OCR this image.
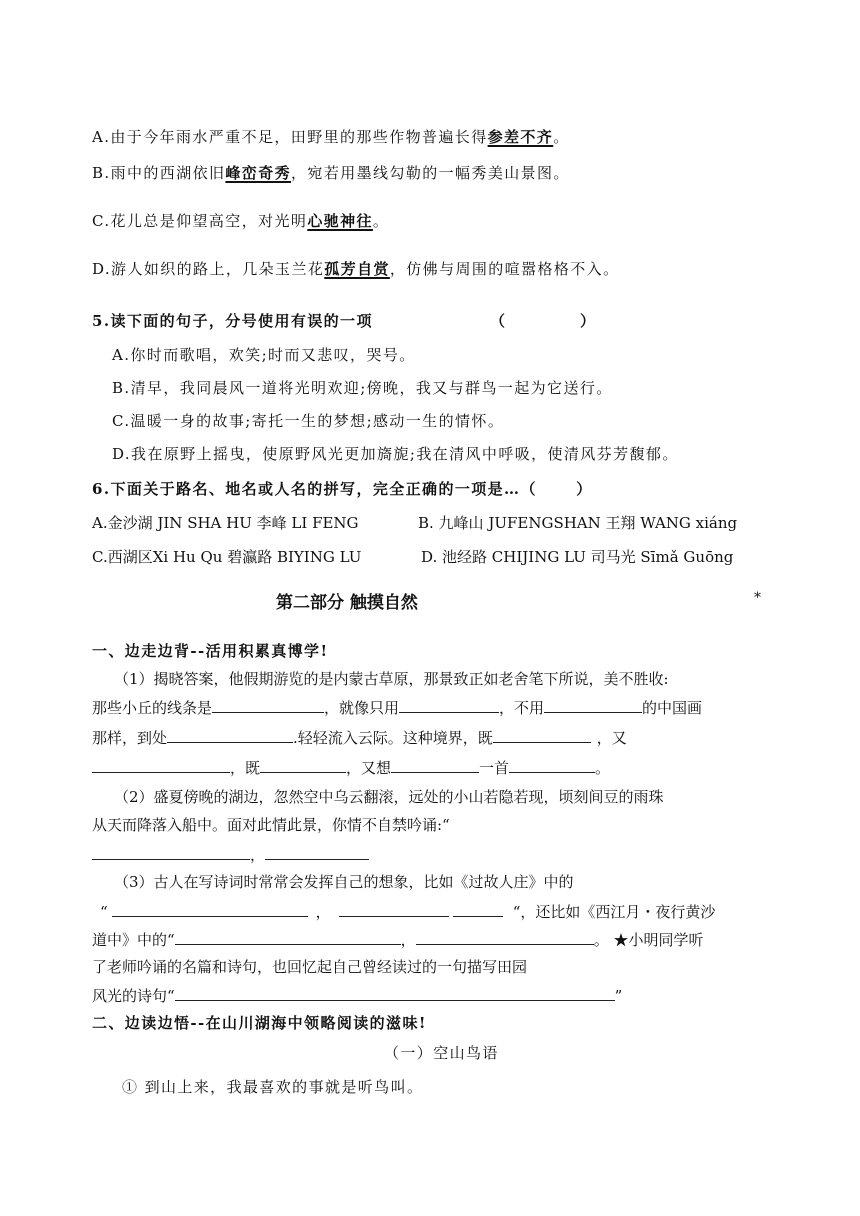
A.由于今年雨水严重不足，田野里的那些作物普遍长得参差不齐。
B.雨中的西湖依旧峰峦奇秀，宛若用墨线勾勒的一幅秀美山景图。
C.花儿总是仰望高空，对光明心驰神往。
D.游人如织的路上，几朵玉兰花孤芳自赏，仿佛与周围的喧嚣格格不入。
5.读下面的句子，分号使用有误的一项	（	）
A.你时而歌唱，欢笑;时而又悲叹，哭号。
B.清早，我同晨风一道将光明欢迎;傍晚，我又与群鸟一起为它送行。
C.温暖一身的故事;寄托一生的梦想;感动一生的情怀。
D.我在原野上摇曳，使原野风光更加旖旎;我在清风中呼吸，使清风芬芳馥郁。
6.下面关于路名、地名或人名的拼写，完全正确的一项是…（　　 ）
A.金沙湖 JIN SHA HU 李峰 LI FENG	B. 九峰山 JUFENGSHAN 王翔 WANG xiáng
C.西湖区Xi Hu Qu 碧瀛路 BIYING LU	D. 池经路 CHIJING LU 司马光 Sīmǎ Guōng
第二部分 触摸自然	*
一、边走边背--活用积累真博学!
（1）揭晓答案，他假期游览的是内蒙古草原，那景致正如老舍笔下所说，美不胜收:
那些小丘的线条是	，就像只用	，不用	的中国画
那样，到处	.轻轻流入云际。这种境界，既	，又
，既	，又想	一首	。
（2）盛夏傍晚的湖边，忽然空中乌云翻滚，远处的小山若隐若现，顷刻间豆的雨珠
从天而降落入船中。面对此情此景，你情不自禁吟诵:“
，
（3）古人在写诗词时常常会发挥自己的想象，比如《过故人庄》中的
“	，	“，还比如《西江月・夜行黄沙
道中》中的“	，	。 ★小明同学听
了老师吟诵的名篇和诗句，也回忆起自己曾经读过的一句描写田园
风光的诗句“	”
二、边读边悟--在山川湖海中领略阅读的滋味!
（一）空山鸟语
① 到山上来，我最喜欢的事就是听鸟叫。
